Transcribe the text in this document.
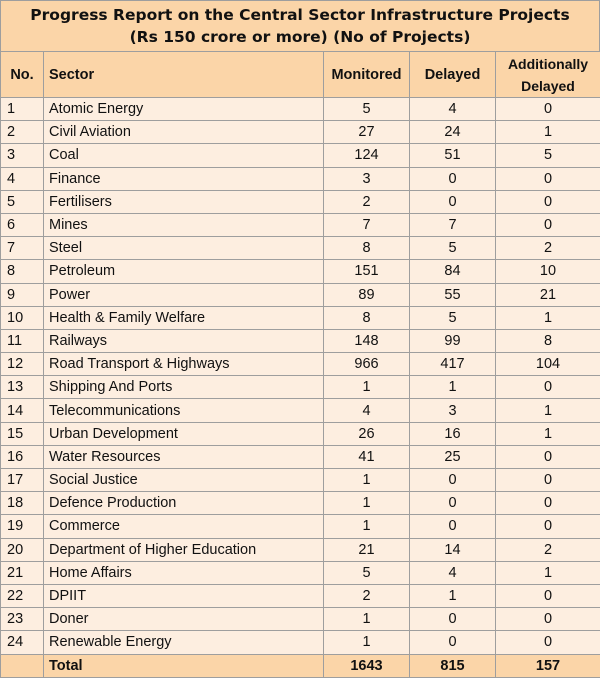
Progress Report on the Central Sector Infrastructure Projects
(Rs 150 crore or more) (No of Projects)
No.	Sector	Monitored	Delayed	Additionally
Delayed

1	Atomic Energy	5	4	0
2	Civil Aviation	27	24	1
3	Coal	124	51	5
4	Finance	3	0	0
5	Fertilisers	2	0	0
6	Mines	7	7	0
7	Steel	8	5	2
8	Petroleum	151	84	10
9	Power	89	55	21
10	Health & Family Welfare	8	5	1
11	Railways	148	99	8
12	Road Transport & Highways	966	417	104
13	Shipping And Ports	1	1	0
14	Telecommunications	4	3	1
15	Urban Development	26	16	1
16	Water Resources	41	25	0
17	Social Justice	1	0	0
18	Defence Production	1	0	0
19	Commerce	1	0	0
20	Department of Higher Education	21	14	2
21	Home Affairs	5	4	1
22	DPIIT	2	1	0
23	Doner	1	0	0
24	Renewable Energy	1	0	0
	Total	1643	815	157
